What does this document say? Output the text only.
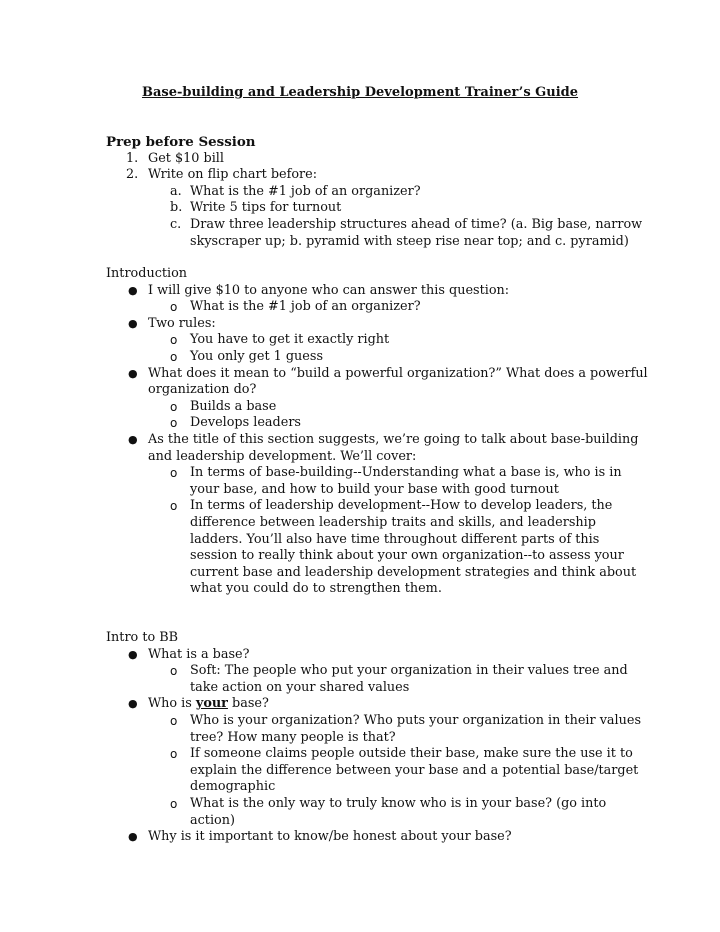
Base-building and Leadership Development Trainer’s Guide
Prep before Session
1. Get $10 bill
2. Write on flip chart before:
a. What is the #1 job of an organizer?
b. Write 5 tips for turnout
c. Draw three leadership structures ahead of time? (a. Big base, narrow
skyscraper up; b. pyramid with steep rise near top; and c. pyramid)
Introduction
● I will give $10 to anyone who can answer this question:
o What is the #1 job of an organizer?
● Two rules:
o You have to get it exactly right
o You only get 1 guess
● What does it mean to “build a powerful organization?” What does a powerful
organization do?
o Builds a base
o Develops leaders
● As the title of this section suggests, we’re going to talk about base-building
and leadership development. We’ll cover:
o In terms of base-building--Understanding what a base is, who is in
your base, and how to build your base with good turnout
o In terms of leadership development--How to develop leaders, the
difference between leadership traits and skills, and leadership
ladders. You’ll also have time throughout different parts of this
session to really think about your own organization--to assess your
current base and leadership development strategies and think about
what you could do to strengthen them.
Intro to BB
● What is a base?
o Soft: The people who put your organization in their values tree and
take action on your shared values
● Who is your base?
o Who is your organization? Who puts your organization in their values
tree? How many people is that?
o If someone claims people outside their base, make sure the use it to
explain the difference between your base and a potential base/target
demographic
o What is the only way to truly know who is in your base? (go into
action)
● Why is it important to know/be honest about your base?
